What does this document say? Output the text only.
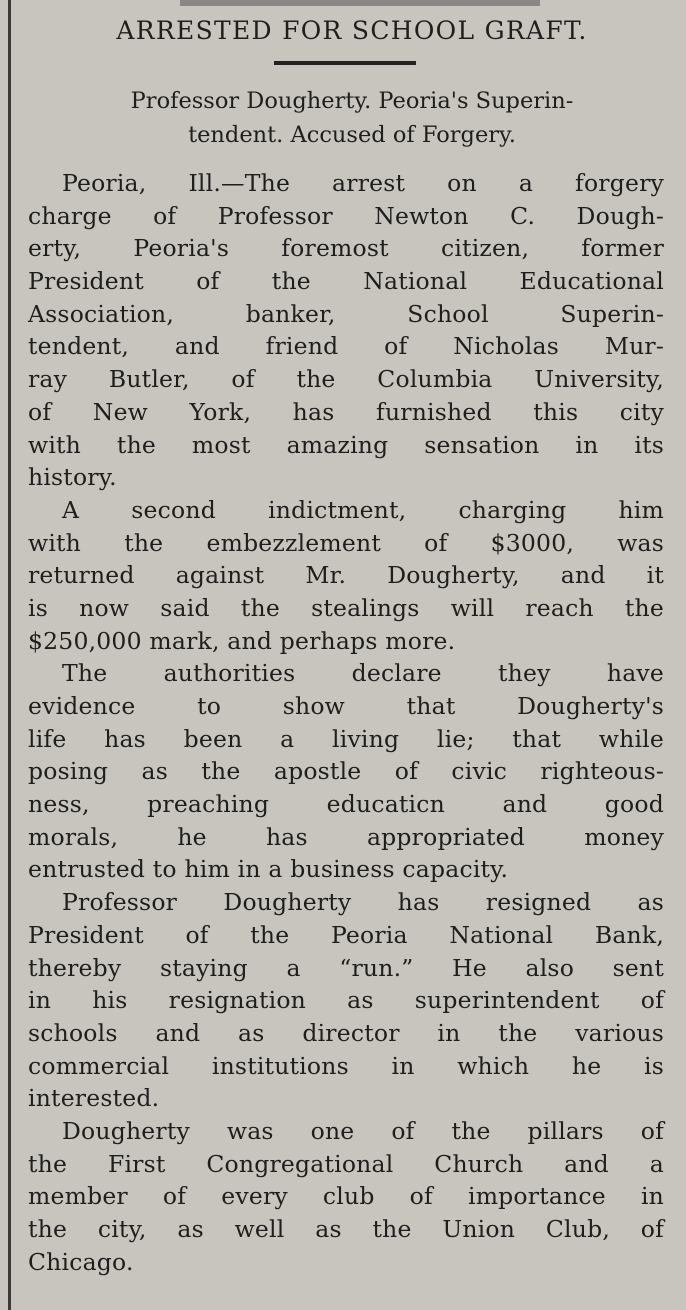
ARRESTED FOR SCHOOL GRAFT.
Professor Dougherty. Peoria's Superin-
tendent. Accused of Forgery.
Peoria, Ill.—The arrest on a forgery
charge of Professor Newton C. Dough-
erty, Peoria's foremost citizen, former
President of the National Educational
Association, banker, School Superin-
tendent, and friend of Nicholas Mur-
ray Butler, of the Columbia University,
of New York, has furnished this city
with the most amazing sensation in its
history.
A second indictment, charging him
with the embezzlement of $3000, was
returned against Mr. Dougherty, and it
is now said the stealings will reach the
$250,000 mark, and perhaps more.
The authorities declare they have
evidence to show that Dougherty's
life has been a living lie; that while
posing as the apostle of civic righteous-
ness, preaching educaticn and good
morals, he has appropriated money
entrusted to him in a business capacity.
Professor Dougherty has resigned as
President of the Peoria National Bank,
thereby staying a “run.” He also sent
in his resignation as superintendent of
schools and as director in the various
commercial institutions in which he is
interested.
Dougherty was one of the pillars of
the First Congregational Church and a
member of every club of importance in
the city, as well as the Union Club, of
Chicago.
